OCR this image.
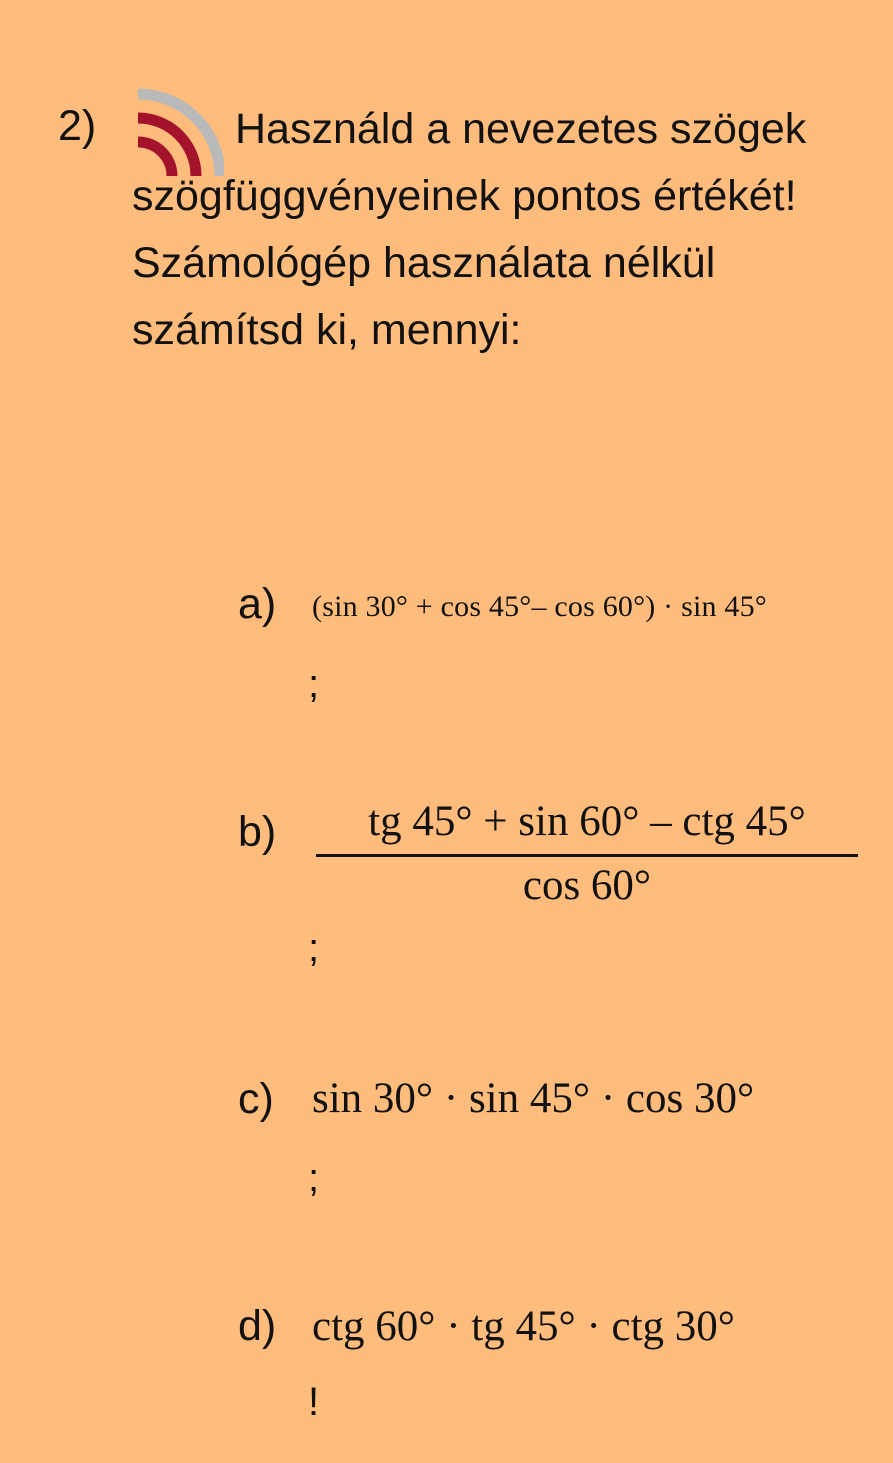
2)	Használd a nevezetes szögek szögfüggvényeinek pontos értékét! Számológép használata nélkül számítsd ki, mennyi:
a) (sin 30° + cos 45°– cos 60°) · sin 45°
;
b)	tg 45° + sin 60° – ctg 45°
cos 60°
;
c) sin 30° · sin 45° · cos 30°
;
d) ctg 60° · tg 45° · ctg 30°
!
